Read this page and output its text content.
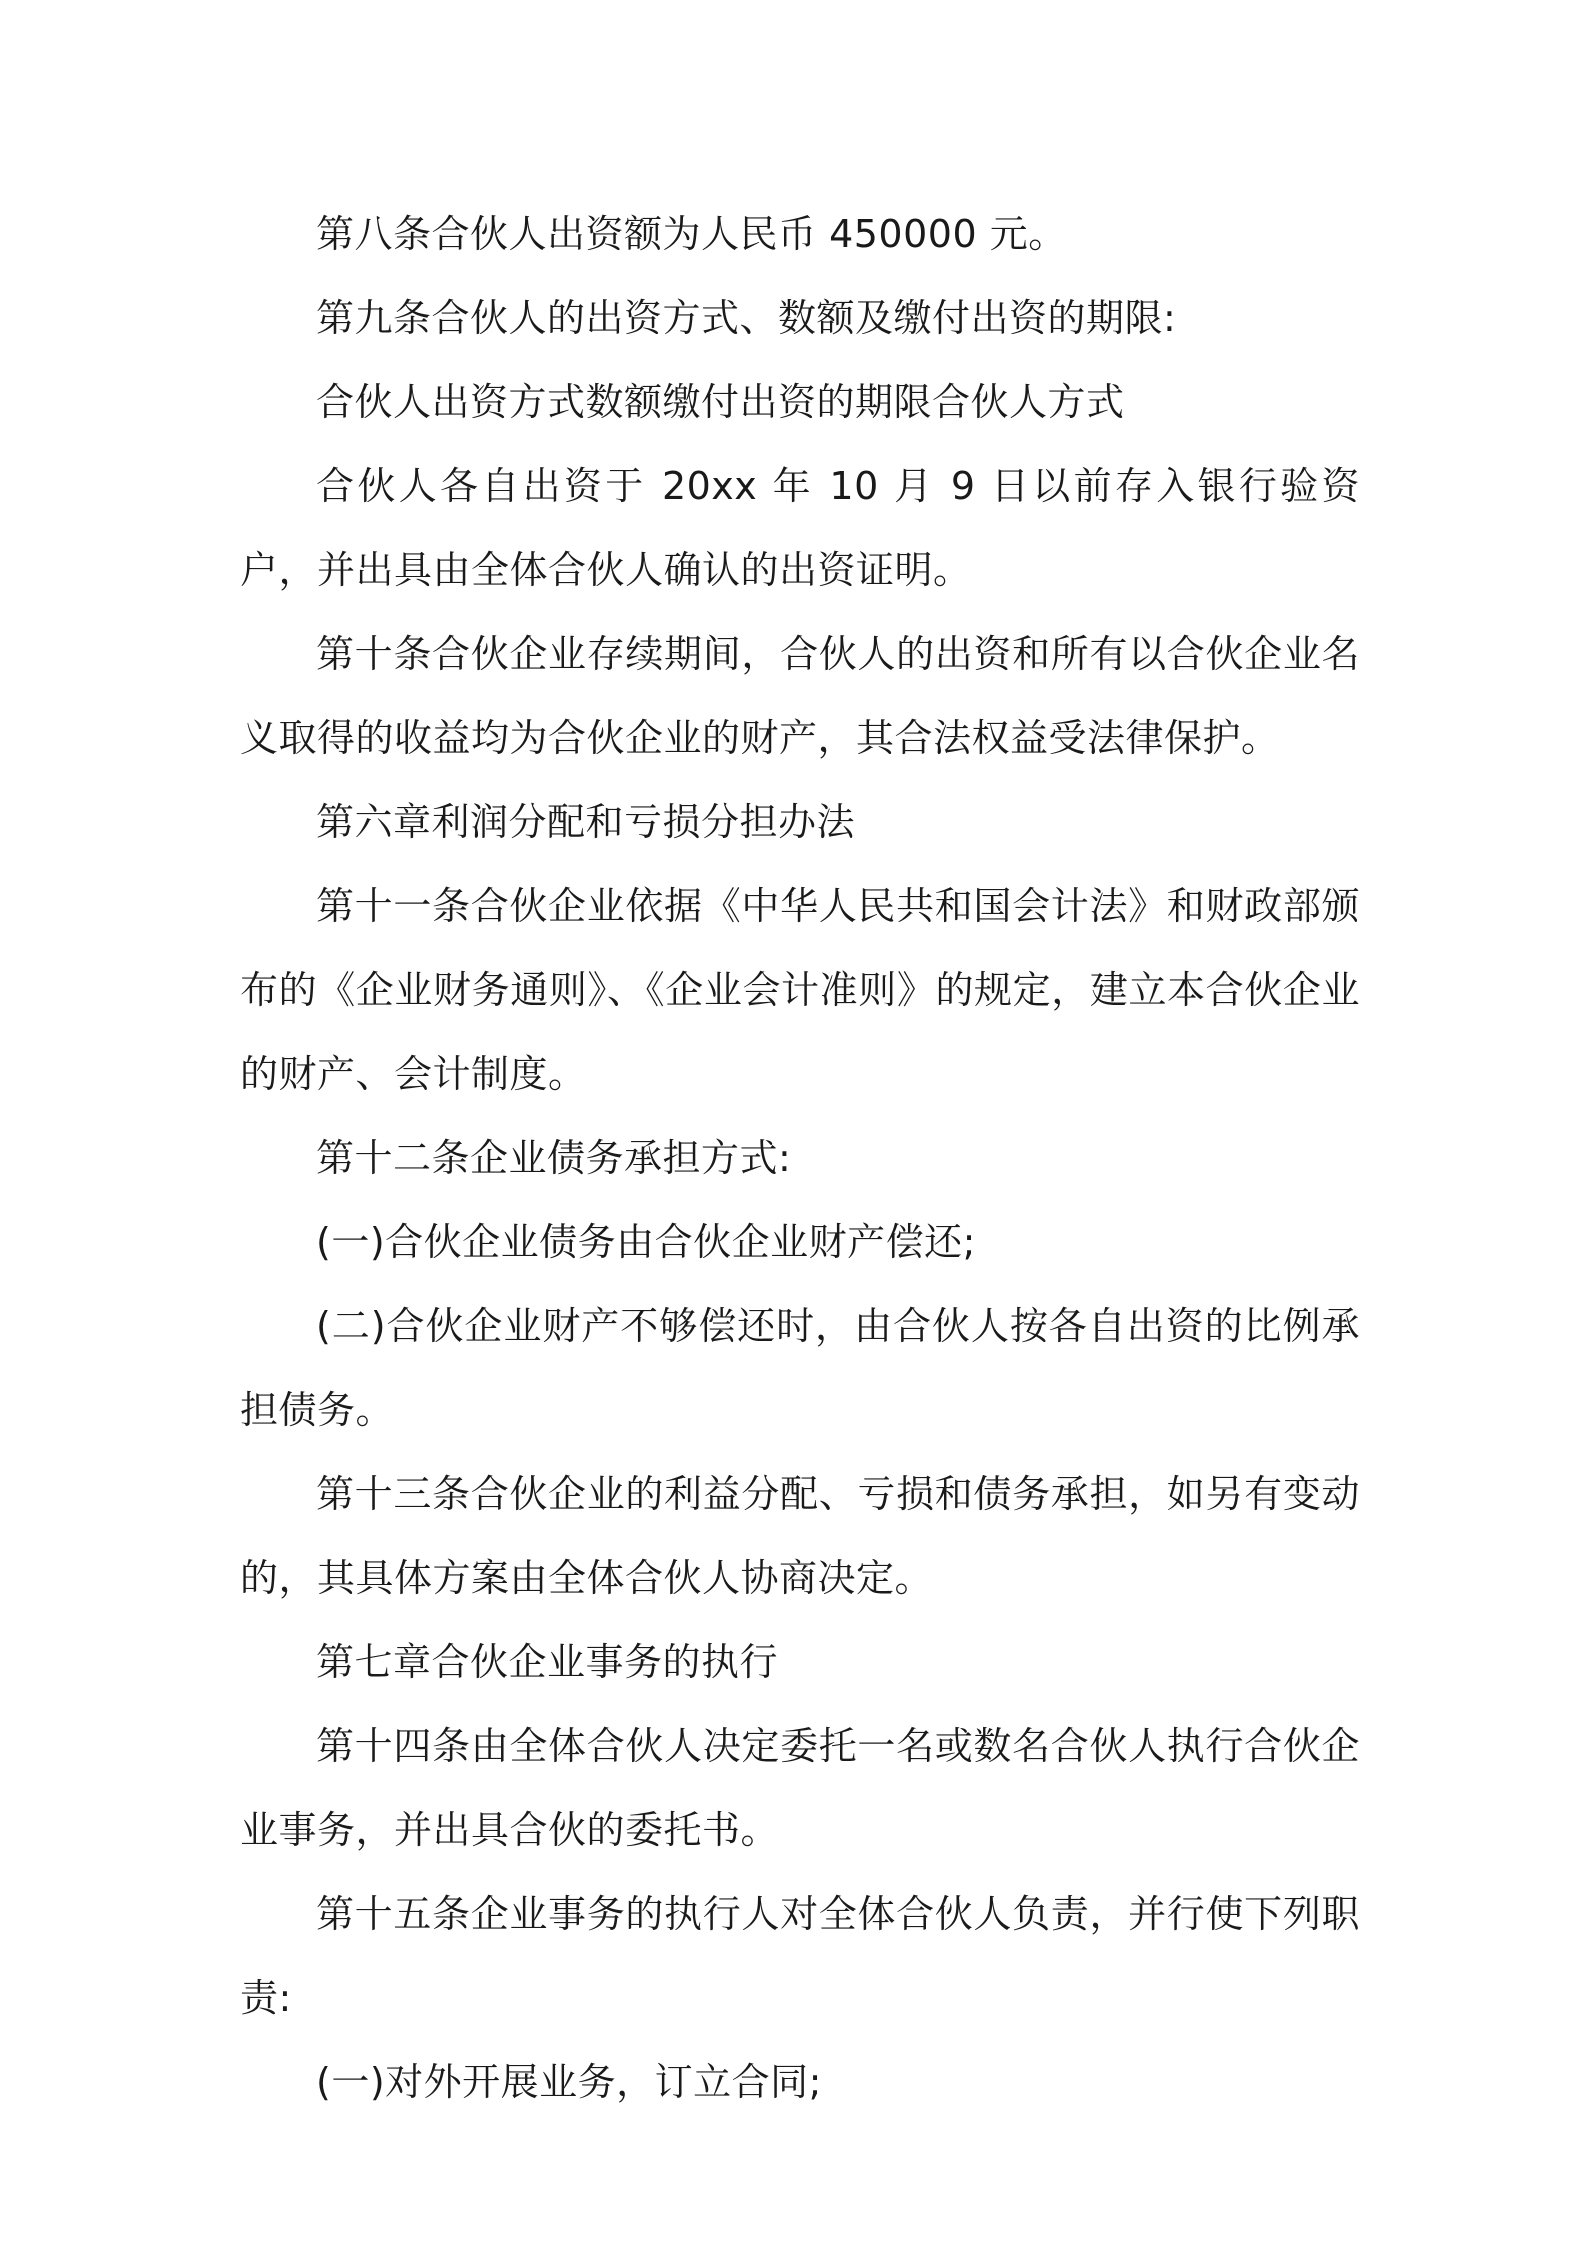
第八条合伙人出资额为人民币 450000 元。

第九条合伙人的出资方式、数额及缴付出资的期限:

合伙人出资方式数额缴付出资的期限合伙人方式

合伙人各自出资于 20xx 年 10 月 9 日以前存入银行验资户，并出具由全体合伙人确认的出资证明。

第十条合伙企业存续期间，合伙人的出资和所有以合伙企业名义取得的收益均为合伙企业的财产，其合法权益受法律保护。

第六章利润分配和亏损分担办法

第十一条合伙企业依据《中华人民共和国会计法》和财政部颁布的《企业财务通则》、《企业会计准则》的规定，建立本合伙企业的财产、会计制度。

第十二条企业债务承担方式:

(一)合伙企业债务由合伙企业财产偿还;

(二)合伙企业财产不够偿还时，由合伙人按各自出资的比例承担债务。

第十三条合伙企业的利益分配、亏损和债务承担，如另有变动的，其具体方案由全体合伙人协商决定。

第七章合伙企业事务的执行

第十四条由全体合伙人决定委托一名或数名合伙人执行合伙企业事务，并出具合伙的委托书。

第十五条企业事务的执行人对全体合伙人负责，并行使下列职责:

(一)对外开展业务，订立合同;
